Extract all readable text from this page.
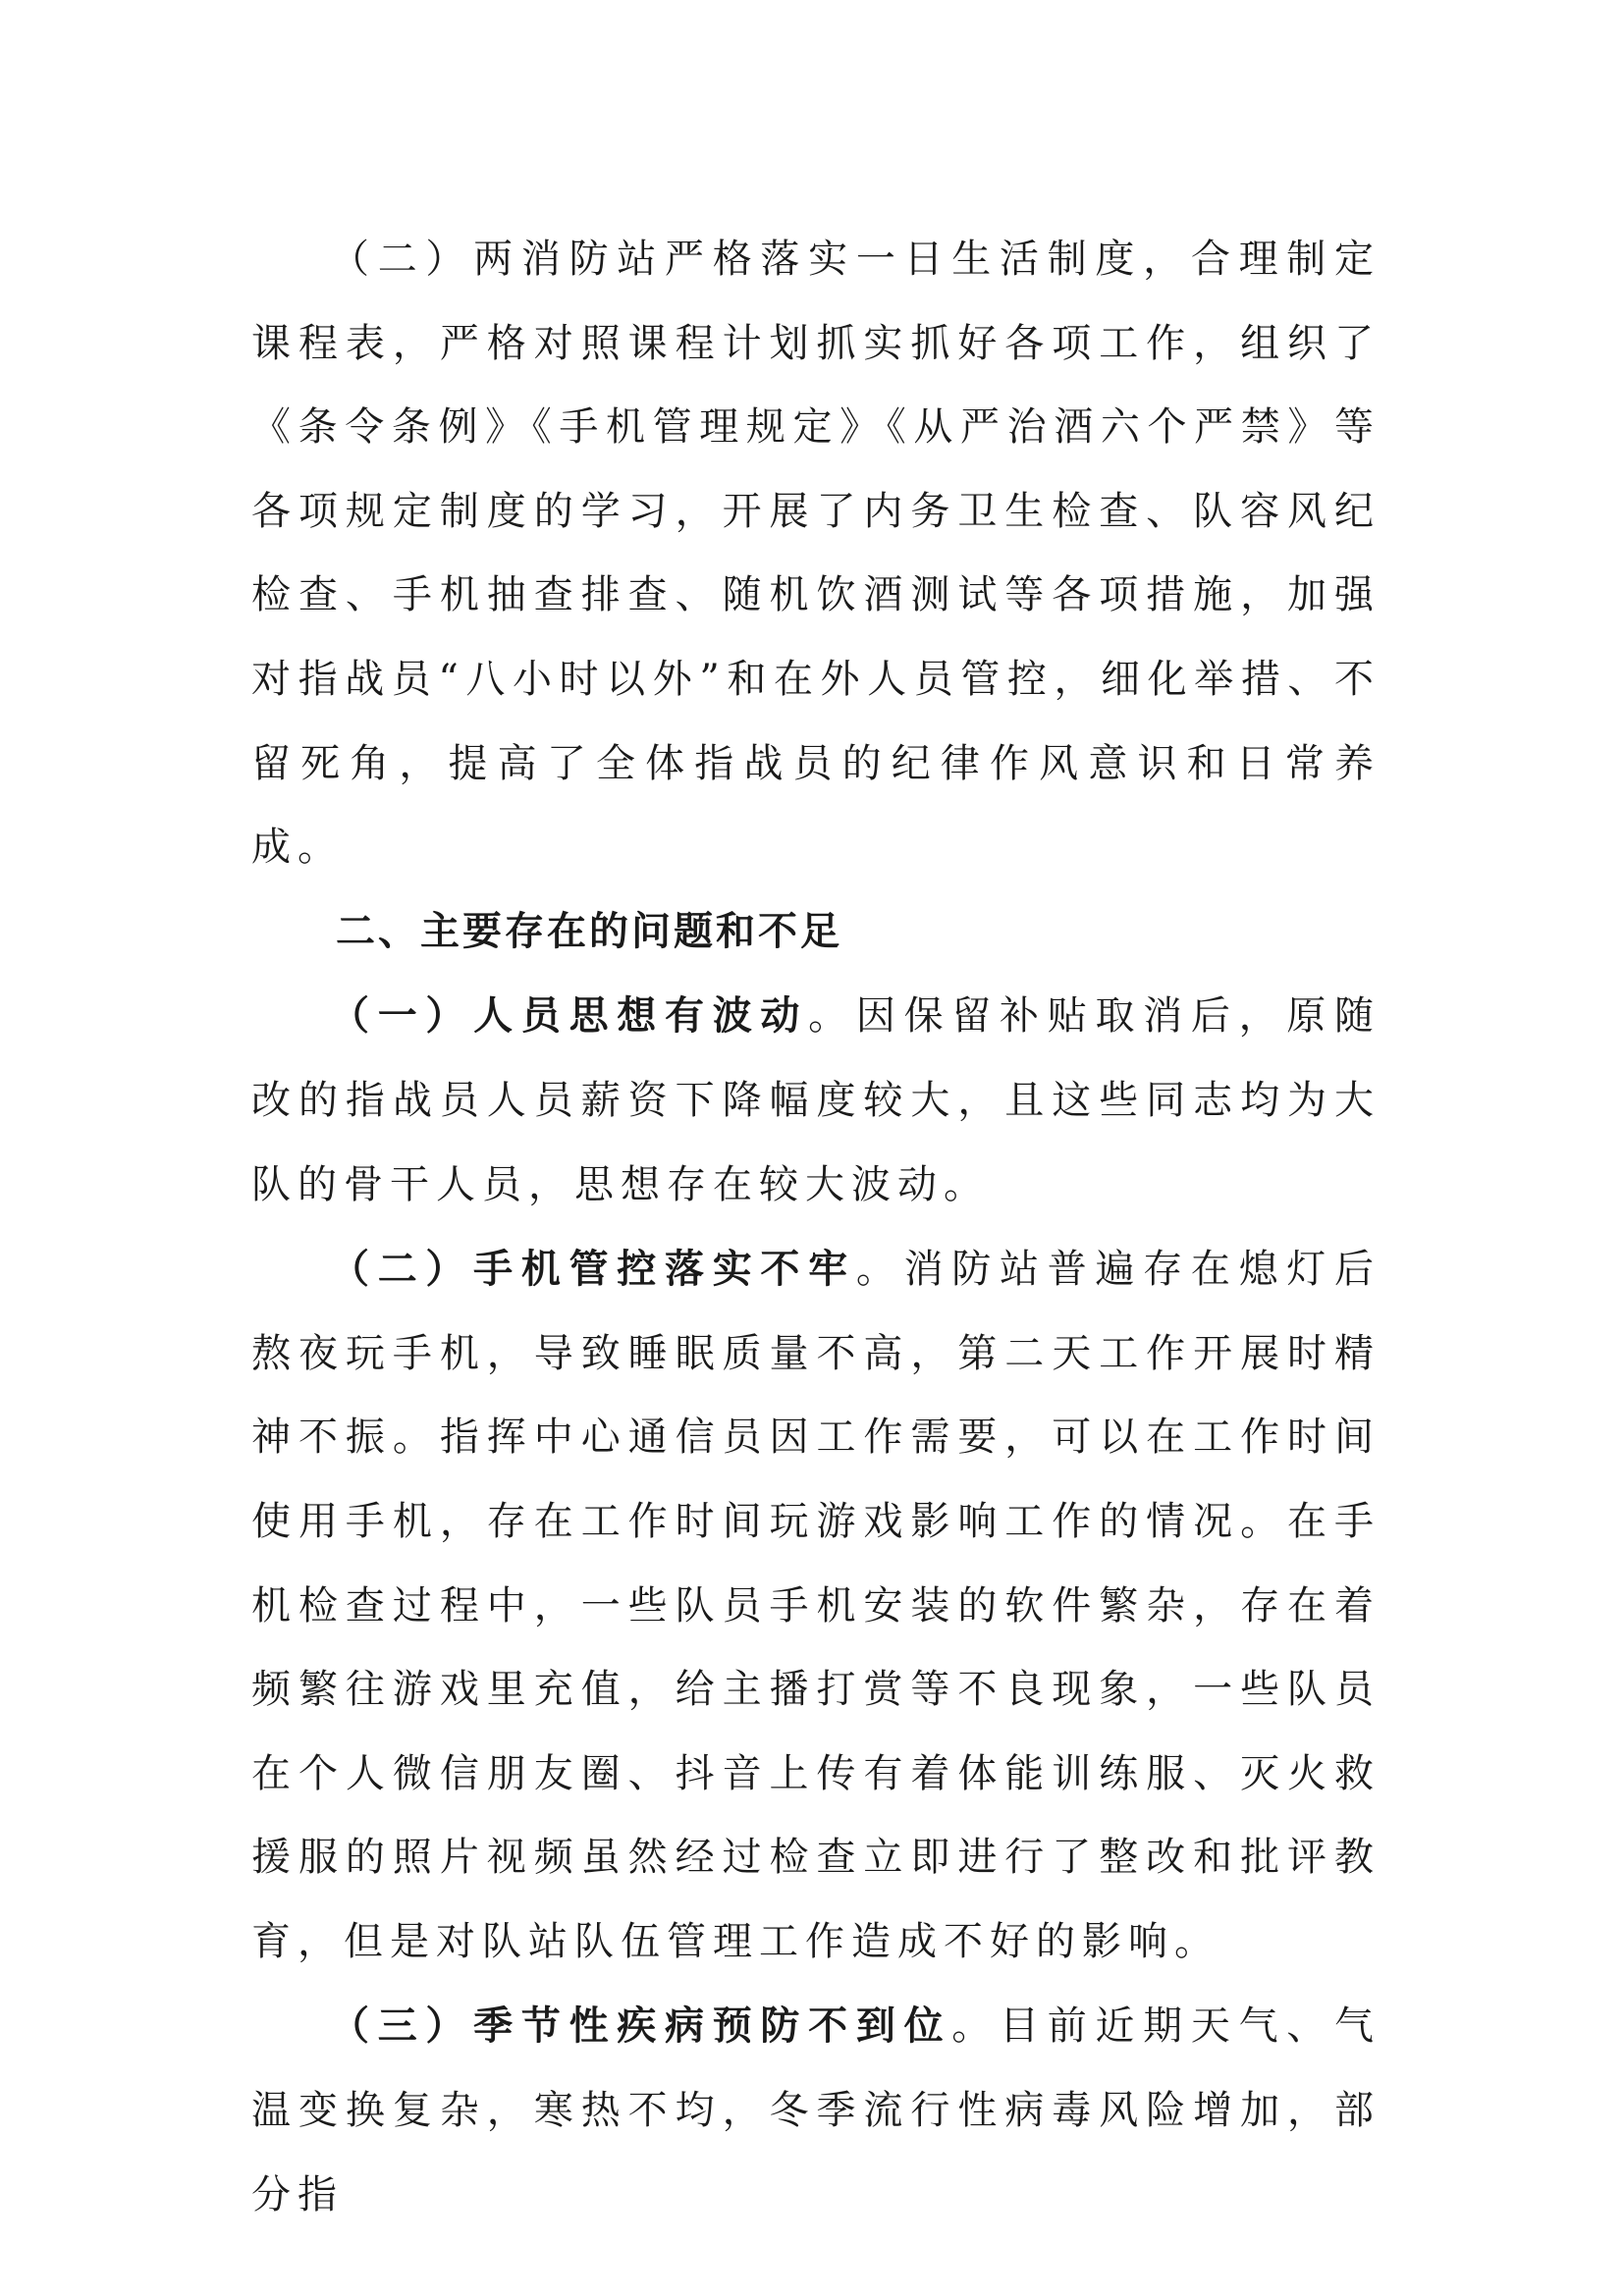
（二）两消防站严格落实一日生活制度，合理制定课程表，严格对照课程计划抓实抓好各项工作，组织了《条令条例》《手机管理规定》《从严治酒六个严禁》等各项规定制度的学习，开展了内务卫生检查、队容风纪检查、手机抽查排查、随机饮酒测试等各项措施，加强对指战员“八小时以外”和在外人员管控，细化举措、不留死角，提高了全体指战员的纪律作风意识和日常养成。

二、主要存在的问题和不足

（一）人员思想有波动。因保留补贴取消后，原随改的指战员人员薪资下降幅度较大，且这些同志均为大队的骨干人员，思想存在较大波动。

（二）手机管控落实不牢。消防站普遍存在熄灯后熬夜玩手机，导致睡眠质量不高，第二天工作开展时精神不振。指挥中心通信员因工作需要，可以在工作时间使用手机，存在工作时间玩游戏影响工作的情况。在手机检查过程中，一些队员手机安装的软件繁杂，存在着频繁往游戏里充值，给主播打赏等不良现象，一些队员在个人微信朋友圈、抖音上传有着体能训练服、灭火救援服的照片视频虽然经过检查立即进行了整改和批评教育，但是对队站队伍管理工作造成不好的影响。

（三）季节性疾病预防不到位。目前近期天气、气温变换复杂，寒热不均，冬季流行性病毒风险增加，部分指
